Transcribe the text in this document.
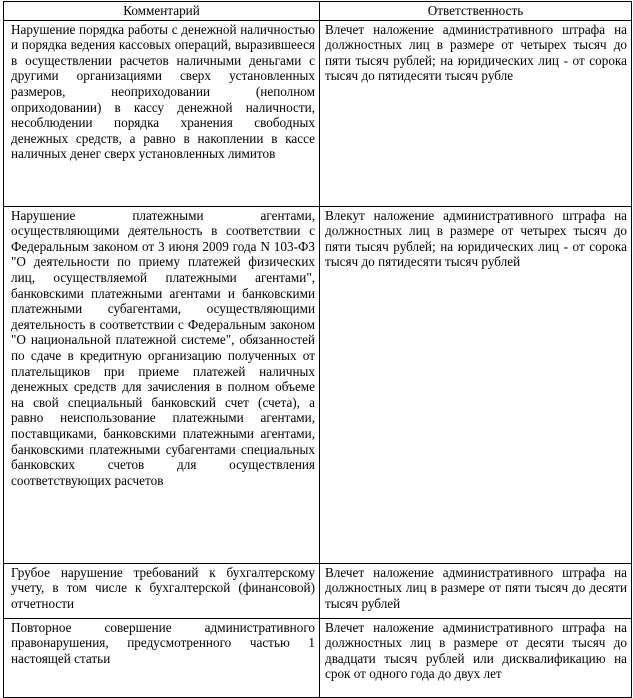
Комментарий	Ответственность
Нарушение порядка работы с денежной наличностью и порядка ведения кассовых операций, выразившееся в осуществлении расчетов наличными деньгами с другими организациями сверх установленных размеров, неоприходовании (неполном оприходовании) в кассу денежной наличности, несоблюдении порядка хранения свободных денежных средств, а равно в накоплении в кассе наличных денег сверх установленных лимитов	Влечет наложение административного штрафа на должностных лиц в размере от четырех тысяч до пяти тысяч рублей; на юридических лиц - от сорока тысяч до пятидесяти тысяч рубле
Нарушение платежными агентами, осуществляющими деятельность в соответствии с Федеральным законом от 3 июня 2009 года N 103-ФЗ "О деятельности по приему платежей физических лиц, осуществляемой платежными агентами", банковскими платежными агентами и банковскими платежными субагентами, осуществляющими деятельность в соответствии с Федеральным законом "О национальной платежной системе", обязанностей по сдаче в кредитную организацию полученных от плательщиков при приеме платежей наличных денежных средств для зачисления в полном объеме на свой специальный банковский счет (счета), а равно неиспользование платежными агентами, поставщиками, банковскими платежными агентами, банковскими платежными субагентами специальных банковских счетов для осуществления соответствующих расчетов	Влекут наложение административного штрафа на должностных лиц в размере от четырех тысяч до пяти тысяч рублей; на юридических лиц - от сорока тысяч до пятидесяти тысяч рублей
Грубое нарушение требований к бухгалтерскому учету, в том числе к бухгалтерской (финансовой) отчетности	Влечет наложение административного штрафа на должностных лиц в размере от пяти тысяч до десяти тысяч рублей
Повторное совершение административного правонарушения, предусмотренного частью 1 настоящей статьи	Влечет наложение административного штрафа на должностных лиц в размере от десяти тысяч до двадцати тысяч рублей или дисквалификацию на срок от одного года до двух лет
